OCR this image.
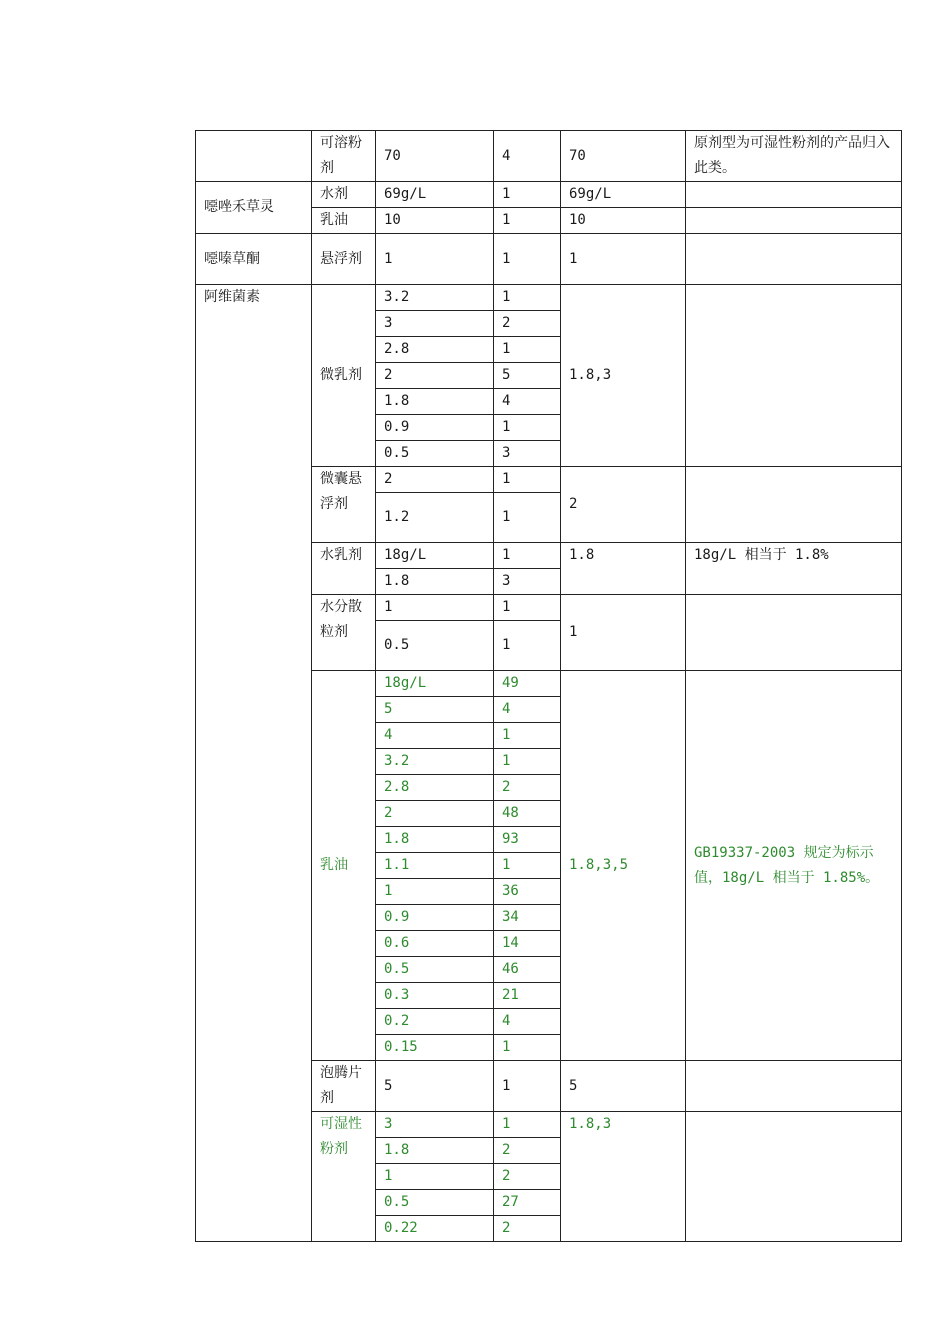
	可溶粉剂	70	4	70	原剂型为可湿性粉剂的产品归入此类。
噁唑禾草灵	水剂	69g/L	1	69g/L	
	乳油	10	1	10	
噁嗪草酮	悬浮剂	1	1	1	
阿维菌素	微乳剂	3.2	1	1.8,3	
		3	2		
		2.8	1		
		2	5		
		1.8	4		
		0.9	1		
		0.5	3		
	微囊悬浮剂	2	1	2	
		1.2	1		
	水乳剂	18g/L	1	1.8	18g/L 相当于 1.8%
		1.8	3		
	水分散粒剂	1	1	1	
		0.5	1		
	乳油	18g/L	49	1.8,3,5	GB19337-2003 规定为标示值，18g/L 相当于 1.85%。
		5	4		
		4	1		
		3.2	1		
		2.8	2		
		2	48		
		1.8	93		
		1.1	1		
		1	36		
		0.9	34		
		0.6	14		
		0.5	46		
		0.3	21		
		0.2	4		
		0.15	1		
	泡腾片剂	5	1	5	
	可湿性粉剂	3	1	1.8,3	
		1.8	2		
		1	2		
		0.5	27		
		0.22	2		
